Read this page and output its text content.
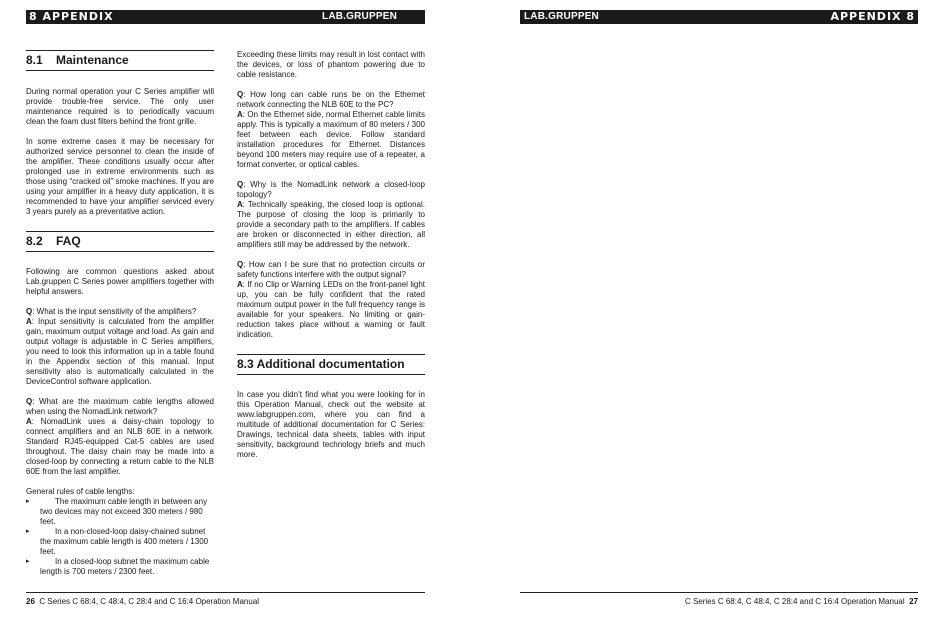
8 APPENDIX	LAB.GRUPPEN	LAB.GRUPPEN	APPENDIX 8
8.1 Maintenance

During normal operation your C Series amplifier will provide trouble-free service. The only user maintenance required is to periodically vacuum clean the foam dust filters behind the front grille.

In some extreme cases it may be necessary for authorized service personnel to clean the inside of the amplifier. These conditions usually occur after prolonged use in extreme environments such as those using “cracked oil” smoke machines. If you are using your amplifier in a heavy duty application, it is recommended to have your amplifier serviced every 3 years purely as a preventative action.

8.2 FAQ

Following are common questions asked about Lab.gruppen C Series power amplifiers together with helpful answers.

Q: What is the input sensitivity of the amplifiers?

A: Input sensitivity is calculated from the amplifier gain, maximum output voltage and load. As gain and output voltage is adjustable in C Series amplifiers, you need to look this information up in a table found in the Appendix section of this manual. Input sensitivity also is automatically calculated in the DeviceControl software application.

Q: What are the maximum cable lengths allowed when using the NomadLink network?

A: NomadLink uses a daisy-chain topology to connect amplifiers and an NLB 60E in a network. Standard RJ45-equipped Cat-5 cables are used throughout. The daisy chain may be made into a closed-loop by connecting a return cable to the NLB 60E from the last amplifier.

General rules of cable lengths:

▸	The maximum cable length in between any two devices may not exceed 300 meters / 980 feet.
▸	In a non-closed-loop daisy-chained subnet the maximum cable length is 400 meters / 1300 feet.
▸	In a closed-loop subnet the maximum cable length is 700 meters / 2300 feet.

Exceeding these limits may result in lost contact with the devices, or loss of phantom powering due to cable resistance.

Q: How long can cable runs be on the Ethernet network connecting the NLB 60E to the PC?

A: On the Ethernet side, normal Ethernet cable limits apply. This is typically a maximum of 80 meters / 300 feet between each device. Follow standard installation procedures for Ethernet. Distances beyond 100 meters may require use of a repeater, a format converter, or optical cables.

Q: Why is the NomadLink network a closed-loop topology?

A: Technically speaking, the closed loop is optional. The purpose of closing the loop is primarily to provide a secondary path to the amplifiers. If cables are broken or disconnected in either direction, all amplifiers still may be addressed by the network.

Q: How can I be sure that no protection circuits or safety functions interfere with the output signal?

A: If no Clip or Warning LEDs on the front-panel light up, you can be fully confident that the rated maximum output power in the full frequency range is available for your speakers. No limiting or gain-reduction takes place without a warning or fault indication.

8.3 Additional documentation

In case you didn’t find what you were looking for in this Operation Manual, check out the website at www.labgruppen.com, where you can find a multitude of additional documentation for C Series: Drawings, technical data sheets, tables with input sensitivity, background technology briefs and much more.

26 C Series C 68:4, C 48:4, C 28:4 and C 16:4 Operation Manual	C Series C 68:4, C 48:4, C 28:4 and C 16:4 Operation Manual 27
